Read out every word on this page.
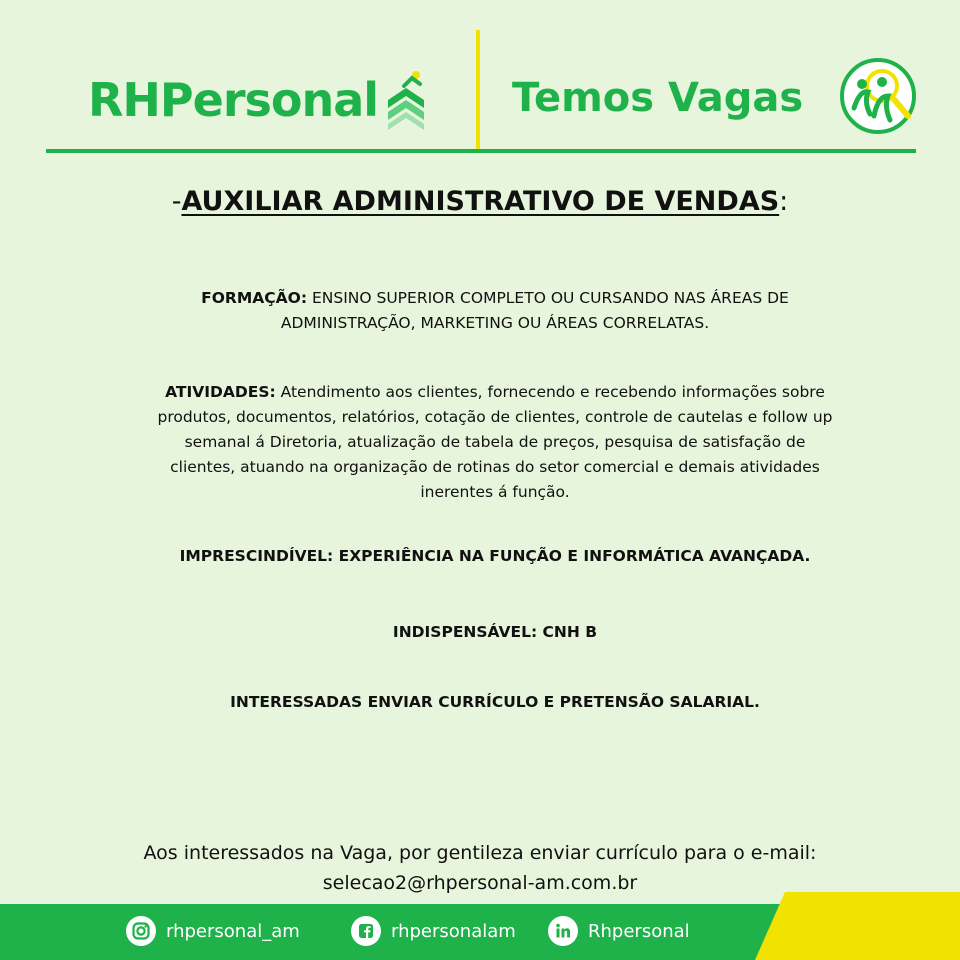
RHPersonal	Temos Vagas
-AUXILIAR ADMINISTRATIVO DE VENDAS:
FORMAÇÃO: ENSINO SUPERIOR COMPLETO OU CURSANDO NAS ÁREAS DE ADMINISTRAÇÃO, MARKETING OU ÁREAS CORRELATAS.
ATIVIDADES: Atendimento aos clientes, fornecendo e recebendo informações sobre produtos, documentos, relatórios, cotação de clientes, controle de cautelas e follow up semanal á Diretoria, atualização de tabela de preços, pesquisa de satisfação de clientes, atuando na organização de rotinas do setor comercial e demais atividades inerentes á função.
IMPRESCINDÍVEL: EXPERIÊNCIA NA FUNÇÃO E INFORMÁTICA AVANÇADA.
INDISPENSÁVEL: CNH B
INTERESSADAS ENVIAR CURRÍCULO E PRETENSÃO SALARIAL.
Aos interessados na Vaga, por gentileza enviar currículo para o e-mail:
selecao2@rhpersonal-am.com.br
rhpersonal_am	rhpersonalam	Rhpersonal
